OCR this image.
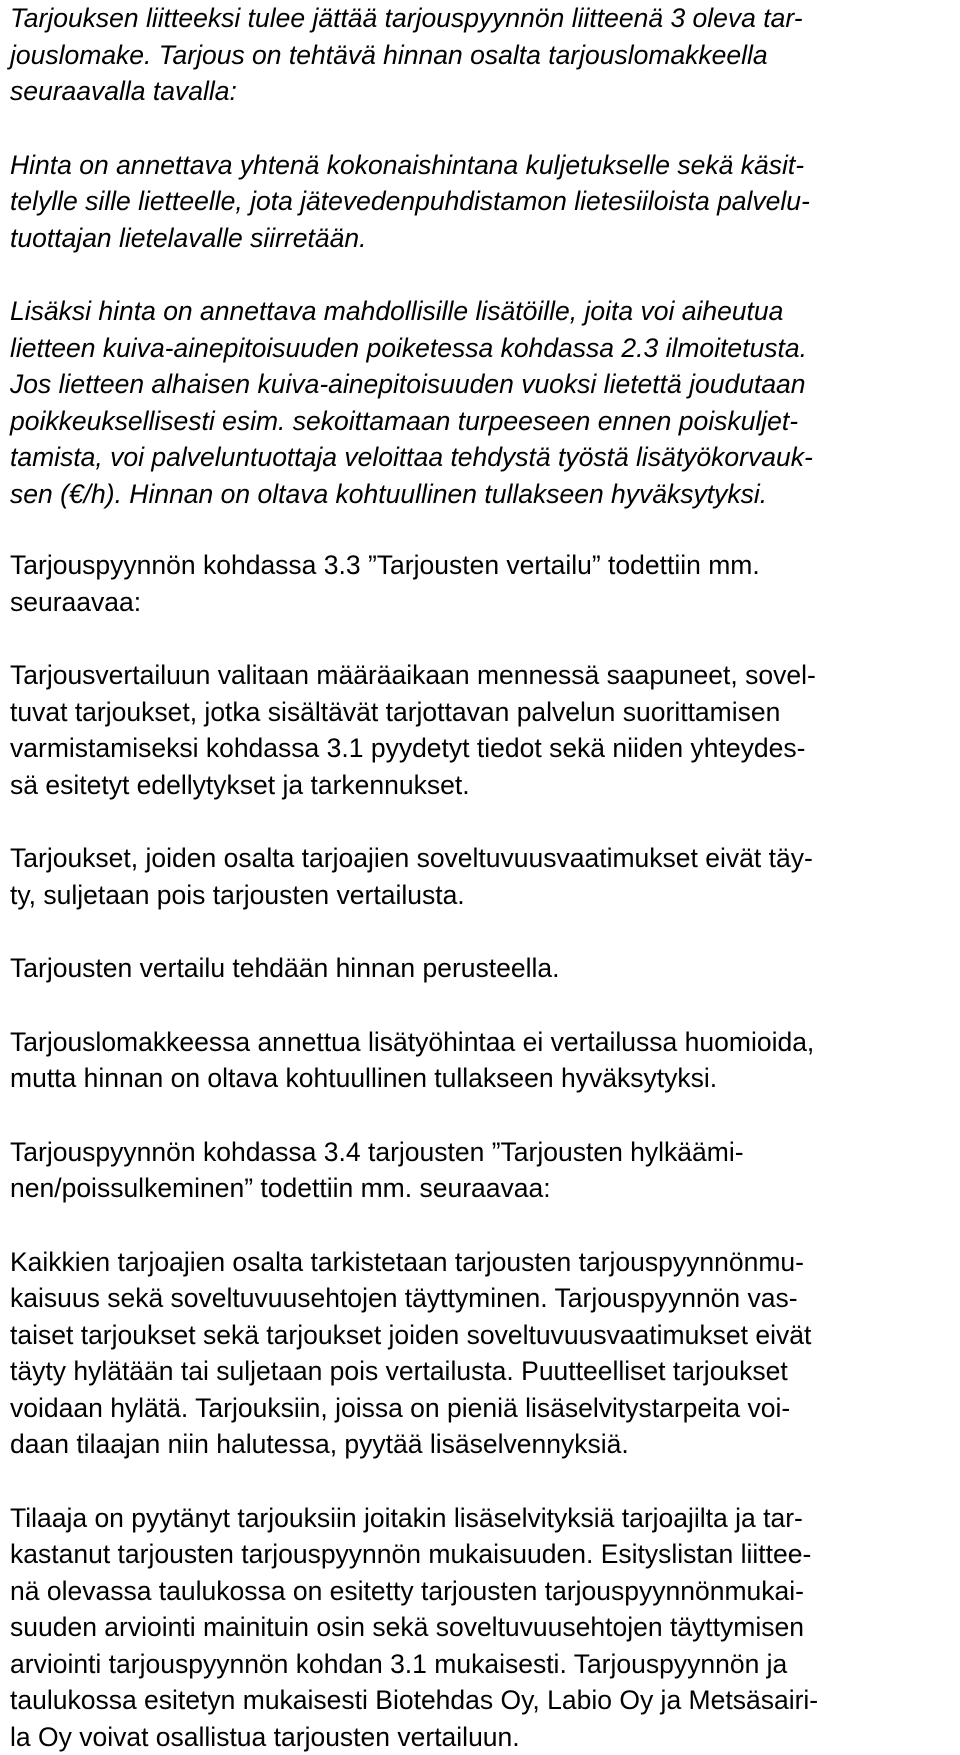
Tarjouksen liitteeksi tulee jättää tarjouspyynnön liitteenä 3 oleva tar-
jouslomake. Tarjous on tehtävä hinnan osalta tarjouslomakkeella
seuraavalla tavalla:

Hinta on annettava yhtenä kokonaishintana kuljetukselle sekä käsit-
telylle sille lietteelle, jota jätevedenpuhdistamon lietesiiloista palvelu-
tuottajan lietelavalle siirretään.

Lisäksi hinta on annettava mahdollisille lisätöille, joita voi aiheutua
lietteen kuiva-ainepitoisuuden poiketessa kohdassa 2.3 ilmoitetusta.
Jos lietteen alhaisen kuiva-ainepitoisuuden vuoksi lietettä joudutaan
poikkeuksellisesti esim. sekoittamaan turpeeseen ennen poiskuljet-
tamista, voi palveluntuottaja veloittaa tehdystä työstä lisätyökorvauk-
sen (€/h). Hinnan on oltava kohtuullinen tullakseen hyväksytyksi.

Tarjouspyynnön kohdassa 3.3 ”Tarjousten vertailu” todettiin mm.
seuraavaa:

Tarjousvertailuun valitaan määräaikaan mennessä saapuneet, sovel-
tuvat tarjoukset, jotka sisältävät tarjottavan palvelun suorittamisen
varmistamiseksi kohdassa 3.1 pyydetyt tiedot sekä niiden yhteydes-
sä esitetyt edellytykset ja tarkennukset.

Tarjoukset, joiden osalta tarjoajien soveltuvuusvaatimukset eivät täy-
ty, suljetaan pois tarjousten vertailusta.

Tarjousten vertailu tehdään hinnan perusteella.

Tarjouslomakkeessa annettua lisätyöhintaa ei vertailussa huomioida,
mutta hinnan on oltava kohtuullinen tullakseen hyväksytyksi.

Tarjouspyynnön kohdassa 3.4 tarjousten ”Tarjousten hylkäämi-
nen/poissulkeminen” todettiin mm. seuraavaa:

Kaikkien tarjoajien osalta tarkistetaan tarjousten tarjouspyynnönmu-
kaisuus sekä soveltuvuusehtojen täyttyminen. Tarjouspyynnön vas-
taiset tarjoukset sekä tarjoukset joiden soveltuvuusvaatimukset eivät
täyty hylätään tai suljetaan pois vertailusta. Puutteelliset tarjoukset
voidaan hylätä. Tarjouksiin, joissa on pieniä lisäselvitystarpeita voi-
daan tilaajan niin halutessa, pyytää lisäselvennyksiä.

Tilaaja on pyytänyt tarjouksiin joitakin lisäselvityksiä tarjoajilta ja tar-
kastanut tarjousten tarjouspyynnön mukaisuuden. Esityslistan liittee-
nä olevassa taulukossa on esitetty tarjousten tarjouspyynnönmukai-
suuden arviointi mainituin osin sekä soveltuvuusehtojen täyttymisen
arviointi tarjouspyynnön kohdan 3.1 mukaisesti. Tarjouspyynnön ja
taulukossa esitetyn mukaisesti Biotehdas Oy, Labio Oy ja Metsäsairi-
la Oy voivat osallistua tarjousten vertailuun.
